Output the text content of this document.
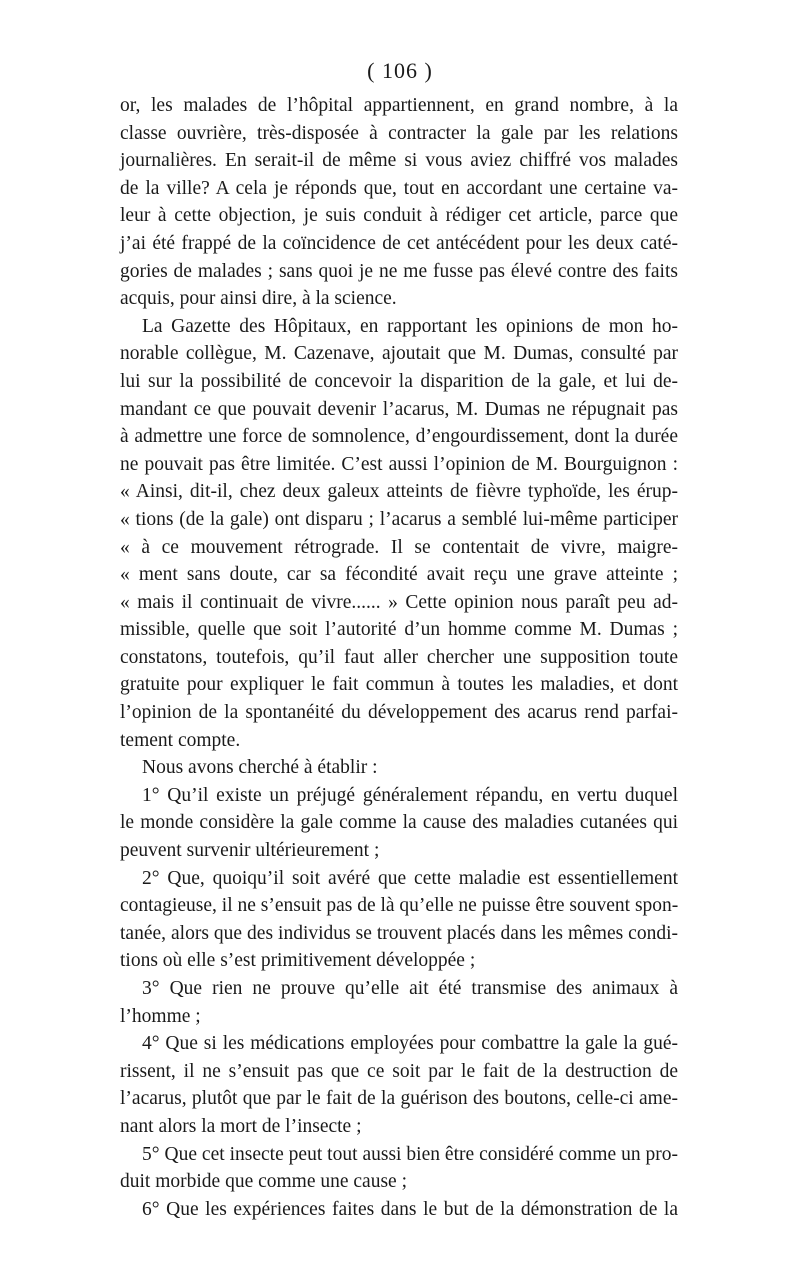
( 106 )
or, les malades de l’hôpital appartiennent, en grand nombre, à la
classe ouvrière, très-disposée à contracter la gale par les relations
journalières. En serait-il de même si vous aviez chiffré vos malades
de la ville? A cela je réponds que, tout en accordant une certaine va-
leur à cette objection, je suis conduit à rédiger cet article, parce que
j’ai été frappé de la coïncidence de cet antécédent pour les deux caté-
gories de malades ; sans quoi je ne me fusse pas élevé contre des faits
acquis, pour ainsi dire, à la science.
La Gazette des Hôpitaux, en rapportant les opinions de mon ho-
norable collègue, M. Cazenave, ajoutait que M. Dumas, consulté par
lui sur la possibilité de concevoir la disparition de la gale, et lui de-
mandant ce que pouvait devenir l’acarus, M. Dumas ne répugnait pas
à admettre une force de somnolence, d’engourdissement, dont la durée
ne pouvait pas être limitée. C’est aussi l’opinion de M. Bourguignon :
« Ainsi, dit-il, chez deux galeux atteints de fièvre typhoïde, les érup-
« tions (de la gale) ont disparu ; l’acarus a semblé lui-même participer
« à ce mouvement rétrograde. Il se contentait de vivre, maigre-
« ment sans doute, car sa fécondité avait reçu une grave atteinte ;
« mais il continuait de vivre...... » Cette opinion nous paraît peu ad-
missible, quelle que soit l’autorité d’un homme comme M. Dumas ;
constatons, toutefois, qu’il faut aller chercher une supposition toute
gratuite pour expliquer le fait commun à toutes les maladies, et dont
l’opinion de la spontanéité du développement des acarus rend parfai-
tement compte.
Nous avons cherché à établir :
1° Qu’il existe un préjugé généralement répandu, en vertu duquel
le monde considère la gale comme la cause des maladies cutanées qui
peuvent survenir ultérieurement ;
2° Que, quoiqu’il soit avéré que cette maladie est essentiellement
contagieuse, il ne s’ensuit pas de là qu’elle ne puisse être souvent spon-
tanée, alors que des individus se trouvent placés dans les mêmes condi-
tions où elle s’est primitivement développée ;
3° Que rien ne prouve qu’elle ait été transmise des animaux à
l’homme ;
4° Que si les médications employées pour combattre la gale la gué-
rissent, il ne s’ensuit pas que ce soit par le fait de la destruction de
l’acarus, plutôt que par le fait de la guérison des boutons, celle-ci ame-
nant alors la mort de l’insecte ;
5° Que cet insecte peut tout aussi bien être considéré comme un pro-
duit morbide que comme une cause ;
6° Que les expériences faites dans le but de la démonstration de la
